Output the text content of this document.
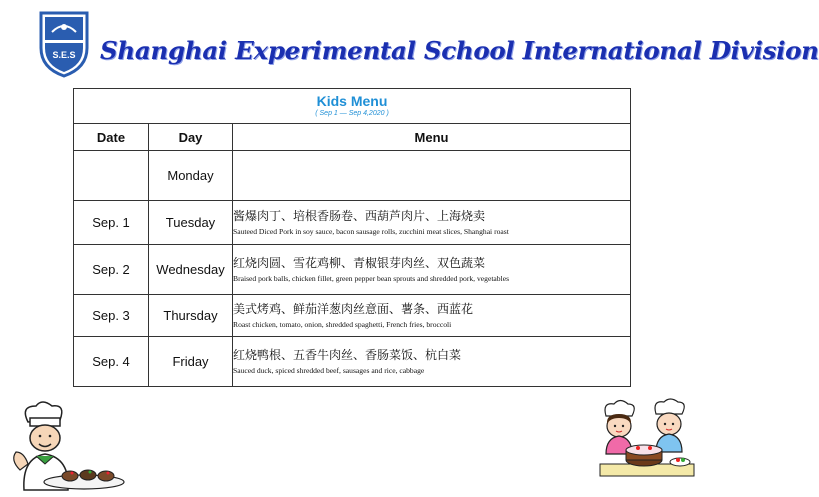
S.E.S Shanghai Experimental School International Division
Kids Menu
( Sep 1 — Sep 4,2020 )		

Date	Day	Menu
	Monday	

Sep. 1	Tuesday	酱爆肉丁、培根香肠卷、西葫芦肉片、上海烧卖
Sauteed Diced Pork in soy sauce, bacon sausage rolls, zucchini meat slices, Shanghai roast

Sep. 2	Wednesday	红烧肉圆、雪花鸡柳、青椒银芽肉丝、双色蔬菜
Braised pork balls, chicken fillet, green pepper bean sprouts and shredded pork, vegetables

Sep. 3	Thursday	美式烤鸡、鲜茄洋葱肉丝意面、薯条、西蓝花
Roast chicken, tomato, onion, shredded spaghetti, French fries, broccoli

Sep. 4	Friday	红烧鸭根、五香牛肉丝、香肠菜饭、杭白菜
Sauced duck, spiced shredded beef, sausages and rice, cabbage
